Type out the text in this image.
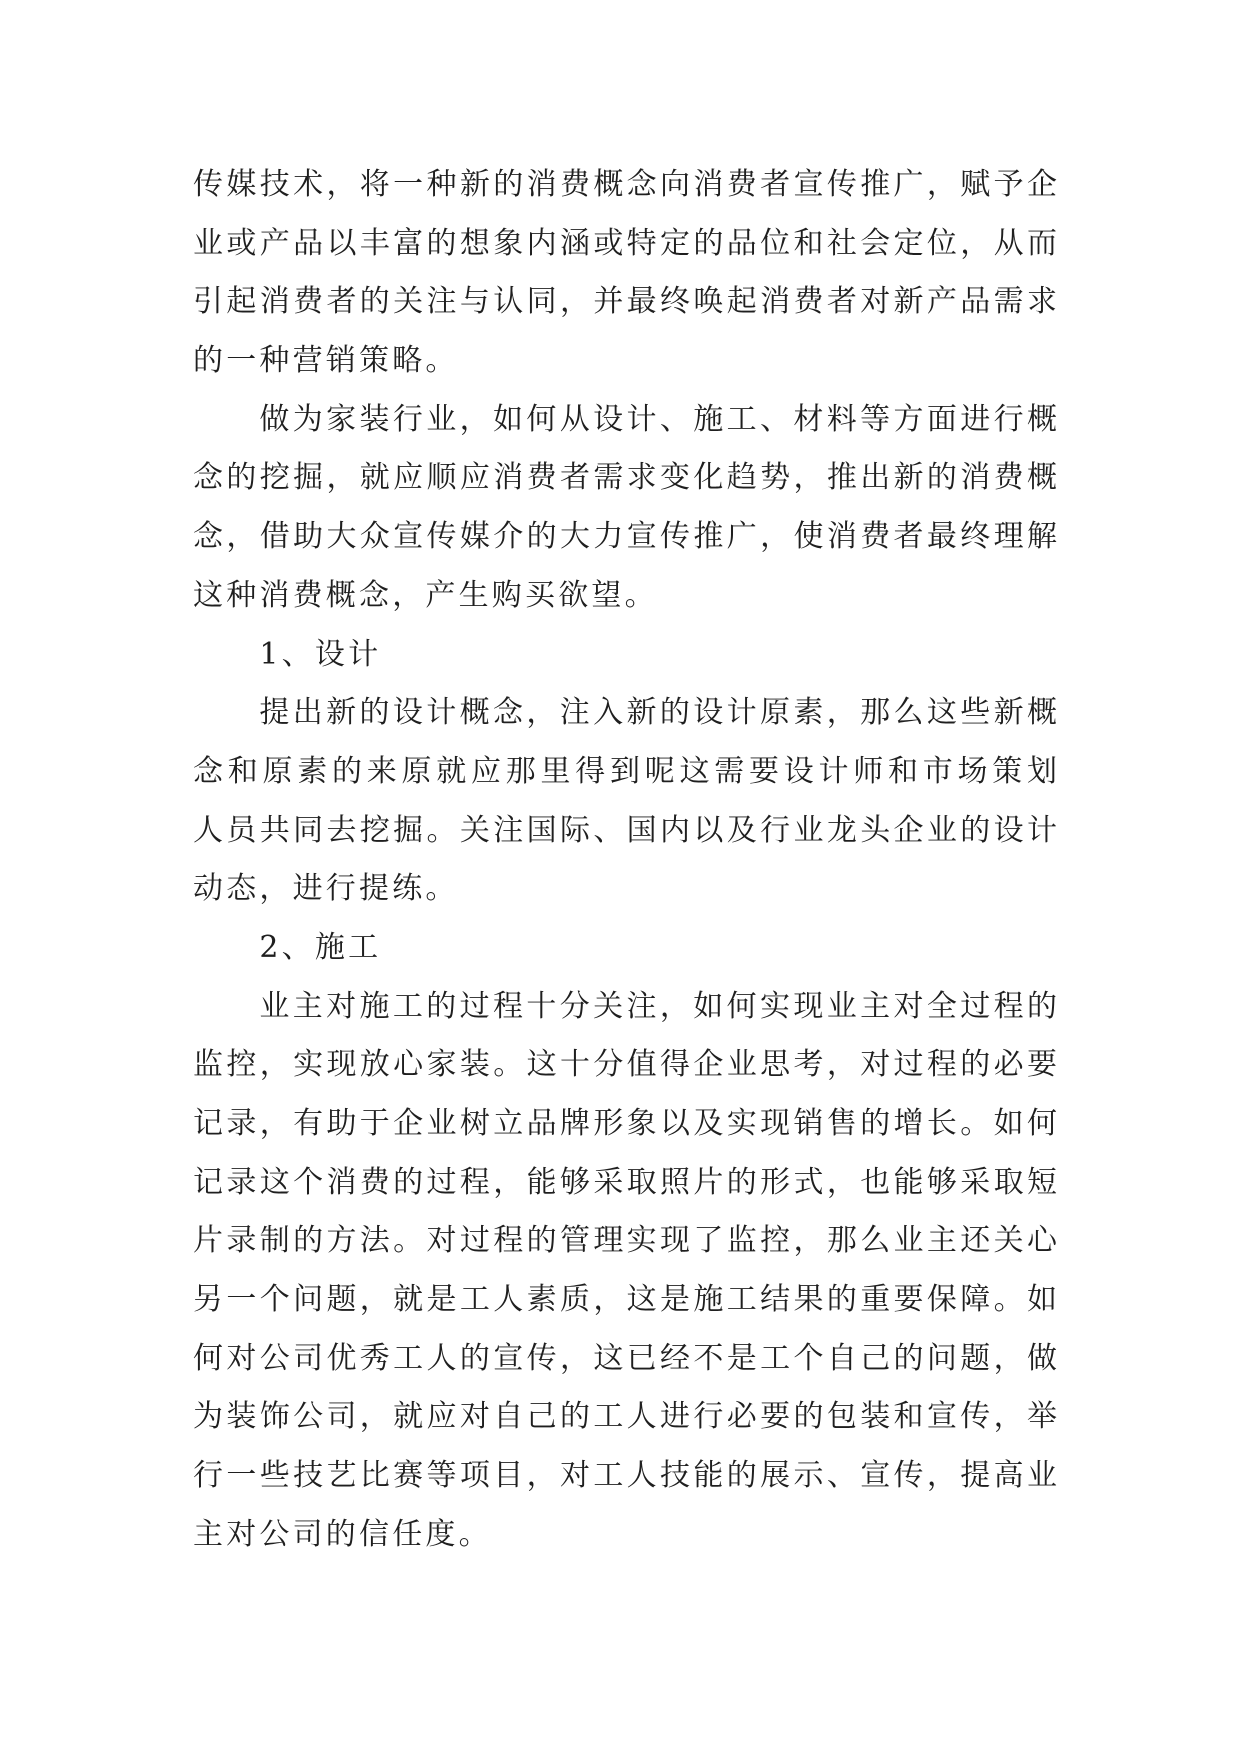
传媒技术，将一种新的消费概念向消费者宣传推广，赋予企
业或产品以丰富的想象内涵或特定的品位和社会定位，从而
引起消费者的关注与认同，并最终唤起消费者对新产品需求
的一种营销策略。
做为家装行业，如何从设计、施工、材料等方面进行概
念的挖掘，就应顺应消费者需求变化趋势，推出新的消费概
念，借助大众宣传媒介的大力宣传推广，使消费者最终理解
这种消费概念，产生购买欲望。
1、设计
提出新的设计概念，注入新的设计原素，那么这些新概
念和原素的来原就应那里得到呢这需要设计师和市场策划
人员共同去挖掘。关注国际、国内以及行业龙头企业的设计
动态，进行提练。
2、施工
业主对施工的过程十分关注，如何实现业主对全过程的
监控，实现放心家装。这十分值得企业思考，对过程的必要
记录，有助于企业树立品牌形象以及实现销售的增长。如何
记录这个消费的过程，能够采取照片的形式，也能够采取短
片录制的方法。对过程的管理实现了监控，那么业主还关心
另一个问题，就是工人素质，这是施工结果的重要保障。如
何对公司优秀工人的宣传，这已经不是工个自己的问题，做
为装饰公司，就应对自己的工人进行必要的包装和宣传，举
行一些技艺比赛等项目，对工人技能的展示、宣传，提高业
主对公司的信任度。
